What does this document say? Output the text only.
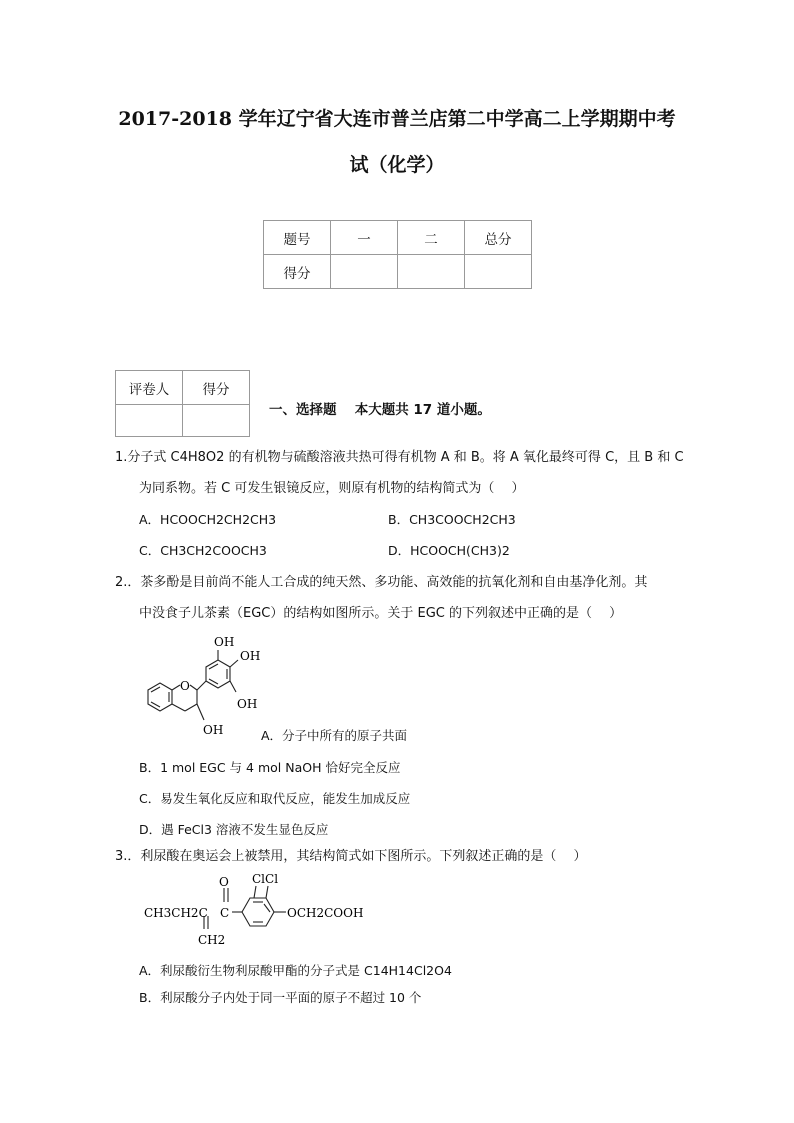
2017-2018 学年辽宁省大连市普兰店第二中学高二上学期期中考
试（化学）
题号	一	二	总分
得分			
评卷人	得分

一、选择题　 本大题共 17 道小题。
1.分子式 C4H8O2 的有机物与硫酸溶液共热可得有机物 A 和 B。将 A 氧化最终可得 C，且 B 和 C
为同系物。若 C 可发生银镜反应，则原有机物的结构简式为（　 ）
A．HCOOCH2CH2CH3	B．CH3COOCH2CH3
C．CH3CH2COOCH3	D．HCOOCH(CH3)2
2.．茶多酚是目前尚不能人工合成的纯天然、多功能、高效能的抗氧化剂和自由基净化剂。其
中没食子儿茶素（EGC）的结构如图所示。关于 EGC 的下列叙述中正确的是（　 ）
OH
OH
OH
O
OH	A．分子中所有的原子共面
B．1 mol EGC 与 4 mol NaOH 恰好完全反应
C．易发生氧化反应和取代反应，能发生加成反应
D．遇 FeCl3 溶液不发生显色反应
3.．利尿酸在奥运会上被禁用，其结构简式如下图所示。下列叙述正确的是（　 ）
O ClCl
CH3CH2C C	OCH2COOH
CH2
A．利尿酸衍生物利尿酸甲酯的分子式是 C14H14Cl2O4
B．利尿酸分子内处于同一平面的原子不超过 10 个
